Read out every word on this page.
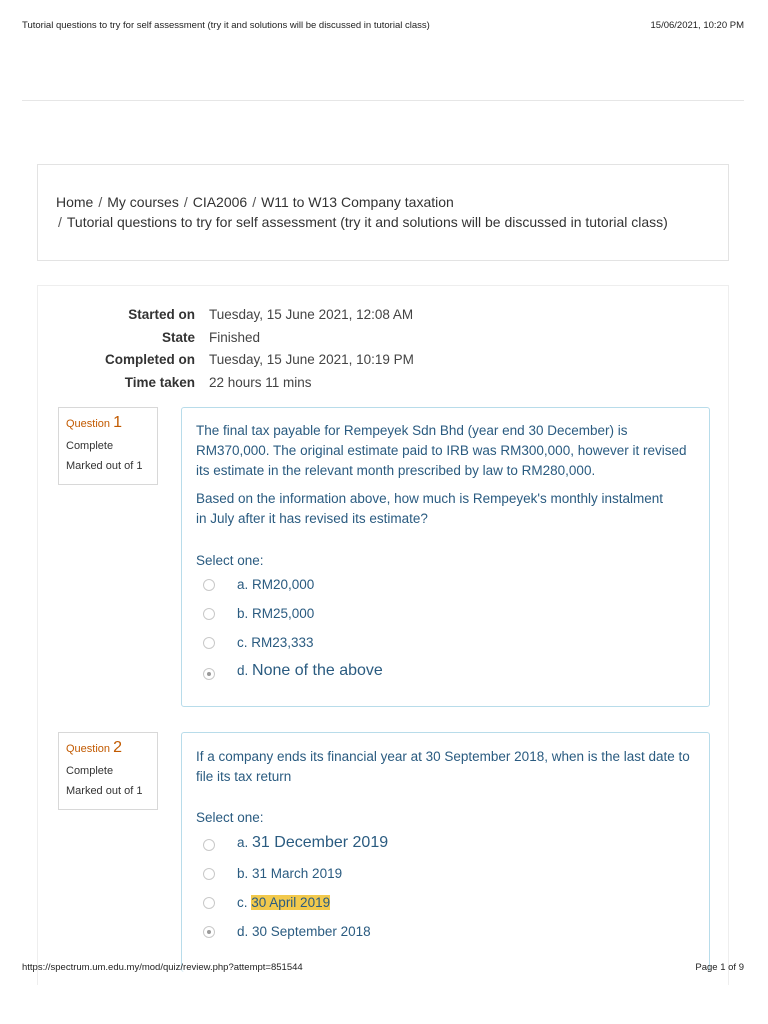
Tutorial questions to try for self assessment (try it and solutions will be discussed in tutorial class)	15/06/2021, 10:20 PM
Home / My courses / CIA2006 / W11 to W13 Company taxation
/ Tutorial questions to try for self assessment (try it and solutions will be discussed in tutorial class)
Started on Tuesday, 15 June 2021, 12:08 AM
State Finished
Completed on Tuesday, 15 June 2021, 10:19 PM
Time taken 22 hours 11 mins
Question 1
Complete
Marked out of 1
The final tax payable for Rempeyek Sdn Bhd (year end 30 December) is RM370,000. The original estimate paid to IRB was RM300,000, however it revised its estimate in the relevant month prescribed by law to RM280,000.
Based on the information above, how much is Rempeyek's monthly instalment in July after it has revised its estimate?
Select one:
a. RM20,000
b. RM25,000
c. RM23,333
d. None of the above
Question 2
Complete
Marked out of 1
If a company ends its financial year at 30 September 2018, when is the last date to file its tax return
Select one:
a. 31 December 2019
b. 31 March 2019
c. 30 April 2019
d. 30 September 2018
https://spectrum.um.edu.my/mod/quiz/review.php?attempt=851544	Page 1 of 9
